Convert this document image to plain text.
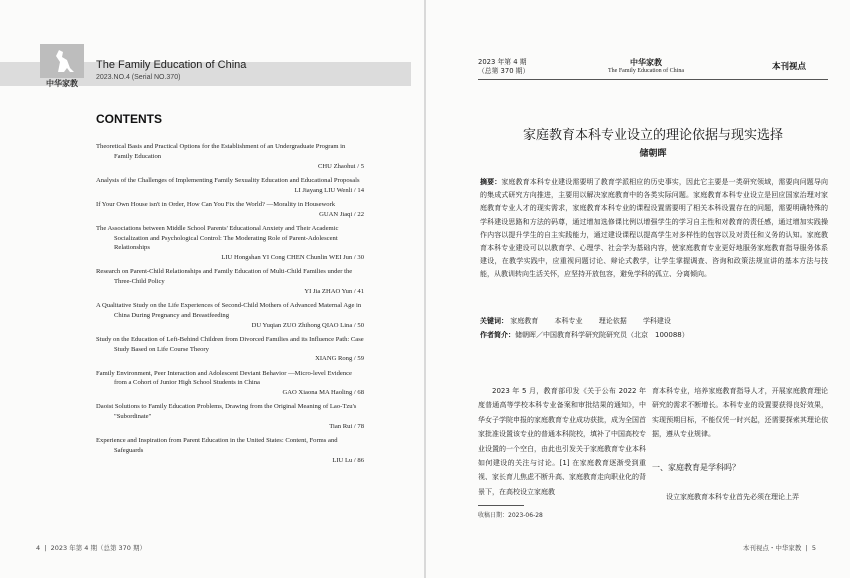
中华家教
The Family Education of China
2023.NO.4 (Serial NO.370)
CONTENTS
Theoretical Basis and Practical Options for the Establishment of an Undergraduate Program in Family Education
CHU Zhaohui / 5
Analysis of the Challenges of Implementing Family Sexuality Education and Educational Proposals
LI Jiayang LIU Wenli / 14
If Your Own House isn't in Order, How Can You Fix the World? —Morality in Housework
GUAN Jiaqi / 22
The Associations between Middle School Parents' Educational Anxiety and Their Academic Socialization and Psychological Control: The Moderating Role of Parent-Adolescent Relationships
LIU Hongshan YI Cong CHEN Chunlin WEI Jun / 30
Research on Parent-Child Relationships and Family Education of Multi-Child Families under the Three-Child Policy
YI Jia ZHAO Yun / 41
A Qualitative Study on the Life Experiences of Second-Child Mothers of Advanced Maternal Age in China During Pregnancy and Breastfeeding
DU Yuqian ZUO Zhihong QIAO Lina / 50
Study on the Education of Left-Behind Children from Divorced Families and its Influence Path: Case Study Based on Life Course Theory
XIANG Rong / 59
Family Environment, Peer Interaction and Adolescent Deviant Behavior —Micro-level Evidence from a Cohort of Junior High School Students in China
GAO Xiaona MA Haoling / 68
Daoist Solutions to Family Education Problems, Drawing from the Original Meaning of Lao-Tzu's "Subordinate"
Tian Rui / 78
Experience and Inspiration from Parent Education in the United States: Content, Forms and Safeguards
LIU Lu / 86
4  |  2023 年第 4 期（总第 370 期）
2023 年第 4 期
（总第 370 期）
中华家教
The Family Education of China	本刊视点
家庭教育本科专业设立的理论依据与现实选择
储朝晖
摘要：家庭教育本科专业建设需要明了教育学派相应的历史事实，因此它主要是一类研究领域，需要向问题导向的集成式研究方向推进，主要用以解决家庭教育中的各类实际问题。家庭教育本科专业设立是回应国家治理对家庭教育专业人才的现实需求，家庭教育本科专业的课程设置需要明了相关本科设置存在的问题，需要明确特殊的学科建设思路和方法的码尊，通过增加选修课比例以增强学生的学习自主性和对教育的责任感，通过增加实践操作内容以提升学生的自主实践能力，通过建设课程以提高学生对多样性的包容以及对责任和义务的认知。家庭教育本科专业建设可以以教育学、心理学、社会学为基础内容，使家庭教育专业更好地服务家庭教育指导服务体系建设，在教学实践中，应重视问题讨论、辩论式教学，让学生掌握调查、咨询和政策法规宣讲的基本方法与技能，从教训转向生活关怀，应坚持开放包容，避免学科的孤立、分离倾向。
关键词： 家庭教育 本科专业 理论依据 学科建设
作者简介：储朝晖／中国教育科学研究院研究员（北京　100088）
2023 年 5 月，教育部印发《关于公布 2022 年度普通高等学校本科专业备案和审批结果的通知》，中华女子学院申报的家庭教育专业成功获批，成为全国首家批准设置该专业的普通本科院校，填补了中国高校专业设置的一个空白，由此也引发关于家庭教育专业本科如何建设的关注与讨论。[1] 在家庭教育逐渐受到重视、家长育儿焦虑不断升高、家庭教育走向职业化的背景下，在高校设立家庭教

育本科专业，培养家庭教育指导人才，开展家庭教育理论研究的需求不断增长。本科专业的设置要获得良好效果，实现预期目标，不能仅凭一时兴起，还需要探索其理论依据，遵从专业规律。

一、家庭教育是学科吗？
设立家庭教育本科专业首先必须在理论上弄
收稿日期：2023-06-28
本刊视点・中华家教  |  5
